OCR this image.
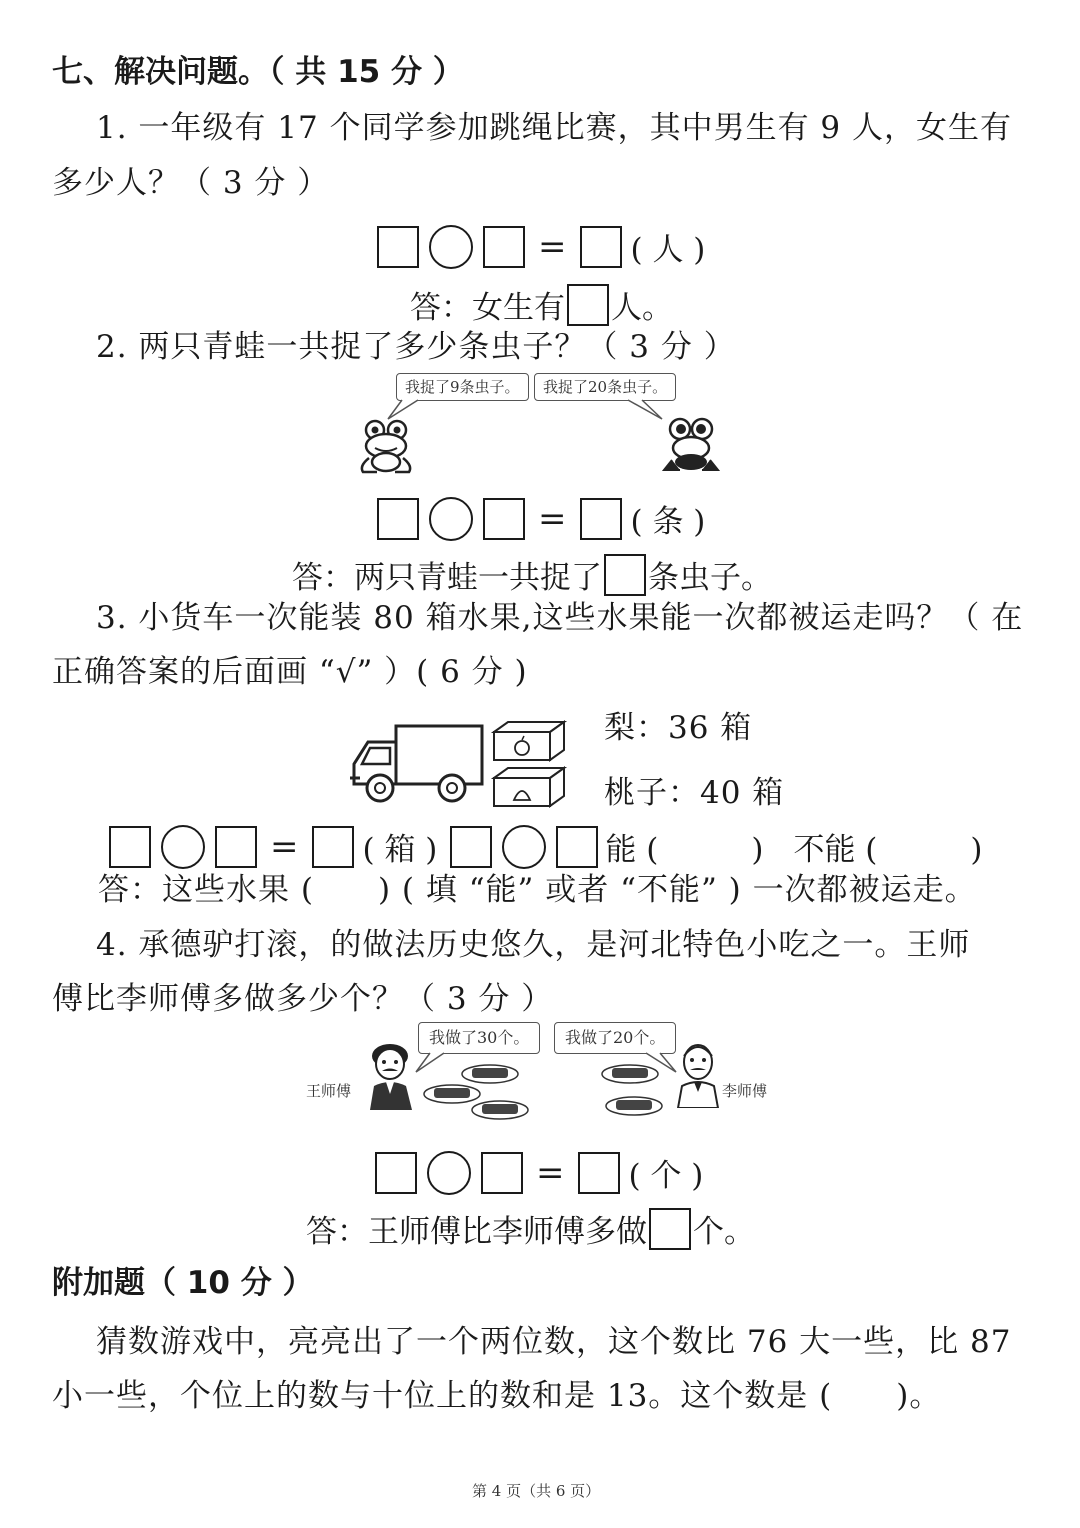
七、解决问题。（ 共 15 分 ）
1. 一年级有 17 个同学参加跳绳比赛，其中男生有 9 人，女生有
多少人？（ 3 分 ）
= ( 人 )
答：女生有 人。
2. 两只青蛙一共捉了多少条虫子？（ 3 分 ）
我捉了9条虫子。	我捉了20条虫子。
= ( 条 )
答：两只青蛙一共捉了 条虫子。
3. 小货车一次能装 80 箱水果,这些水果能一次都被运走吗？（ 在
正确答案的后面画 “√” ）( 6 分 )
梨：36 箱
桃子：40 箱
= ( 箱 )	能 (　　　) 不能 (　　　)
答：这些水果 (　　) ( 填 “能” 或者 “不能” ) 一次都被运走。
4. 承德驴打滚，的做法历史悠久，是河北特色小吃之一。王师
傅比李师傅多做多少个？（ 3 分 ）
我做了30个。	我做了20个。
王师傅	李师傅
= ( 个 )
答：王师傅比李师傅多做 个。
附加题（ 10 分 ）
猜数游戏中，亮亮出了一个两位数，这个数比 76 大一些，比 87
小一些，个位上的数与十位上的数和是 13。这个数是 (　　)。
第 4 页（共 6 页）
